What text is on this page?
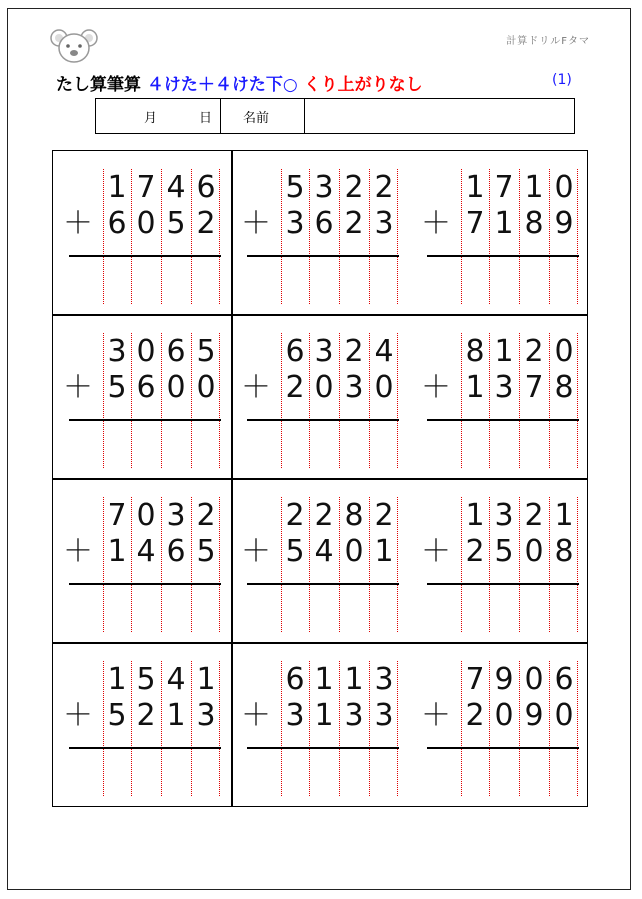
計算ドリルFタマ
たし算筆算 ４けた＋４けた下○ くり上がりなし	(1)
月	日 名前
1 7 4 6
＋ 6 0 5 2
5 3 2 2
＋ 3 6 2 3
1 7 1 0
＋ 7 1 8 9
3 0 6 5
＋ 5 6 0 0
6 3 2 4
＋ 2 0 3 0
8 1 2 0
＋ 1 3 7 8
7 0 3 2
＋ 1 4 6 5
2 2 8 2
＋ 5 4 0 1
1 3 2 1
＋ 2 5 0 8
1 5 4 1
＋ 5 2 1 3
6 1 1 3
＋ 3 1 3 3
7 9 0 6
＋ 2 0 9 0
